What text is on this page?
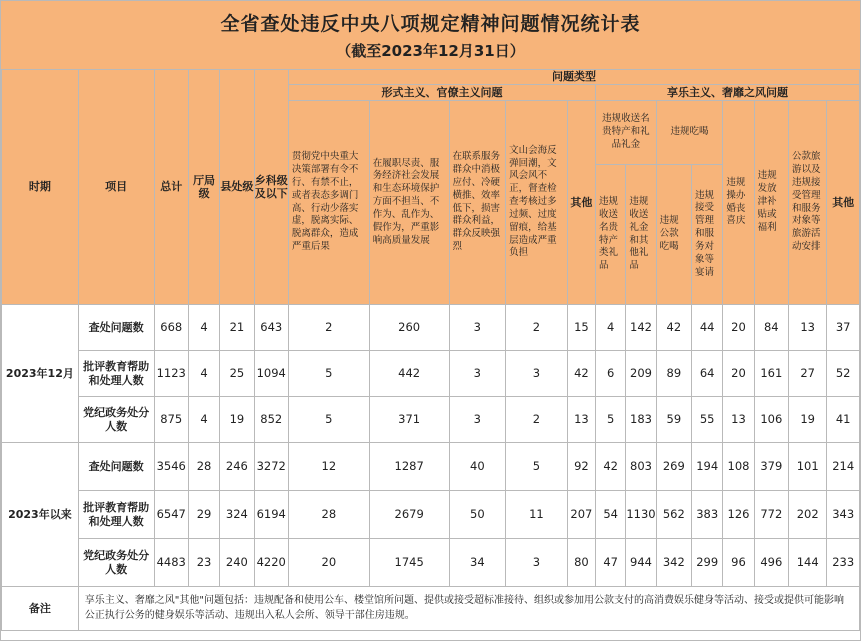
全省查处违反中央八项规定精神问题情况统计表
（截至2023年12月31日）
时期	项目	总计	厅局级	县处级	乡科级及以下	问题类型												
						形式主义、官僚主义问题					享乐主义、奢靡之风问题							
						贯彻党中央重大决策部署有令不行、有禁不止，或者表态多调门高、行动少落实虚，脱离实际、脱离群众，造成严重后果	在履职尽责、服务经济社会发展和生态环境保护方面不担当、不作为、乱作为、假作为，严重影响高质量发展	在联系服务群众中消极应付、冷硬横推、效率低下，损害群众利益，群众反映强烈	文山会海反弹回潮，文风会风不正，督查检查考核过多过频、过度留痕，给基层造成严重负担	其他	违规收送名贵特产和礼品礼金		违规吃喝		违规操办婚丧喜庆	违规发放津补贴或福利	公款旅游以及违规接受管理和服务对象等旅游活动安排	其他
											违规收送名贵特产类礼品	违规收送礼金和其他礼品	违规公款吃喝	违规接受管理和服务对象等宴请				
2023年12月	查处问题数	668	4	21	643	2	260	3	2	15	4	142	42	44	20	84	13	37
	批评教育帮助和处理人数	1123	4	25	1094	5	442	3	3	42	6	209	89	64	20	161	27	52
	党纪政务处分人数	875	4	19	852	5	371	3	2	13	5	183	59	55	13	106	19	41
2023年以来	查处问题数	3546	28	246	3272	12	1287	40	5	92	42	803	269	194	108	379	101	214
	批评教育帮助和处理人数	6547	29	324	6194	28	2679	50	11	207	54	1130	562	383	126	772	202	343
	党纪政务处分人数	4483	23	240	4220	20	1745	34	3	80	47	944	342	299	96	496	144	233
备注	享乐主义、奢靡之风"其他"问题包括：违规配备和使用公车、楼堂馆所问题、提供或接受超标准接待、组织或参加用公款支付的高消费娱乐健身等活动、接受或提供可能影响公正执行公务的健身娱乐等活动、违规出入私人会所、领导干部住房违规。																	
